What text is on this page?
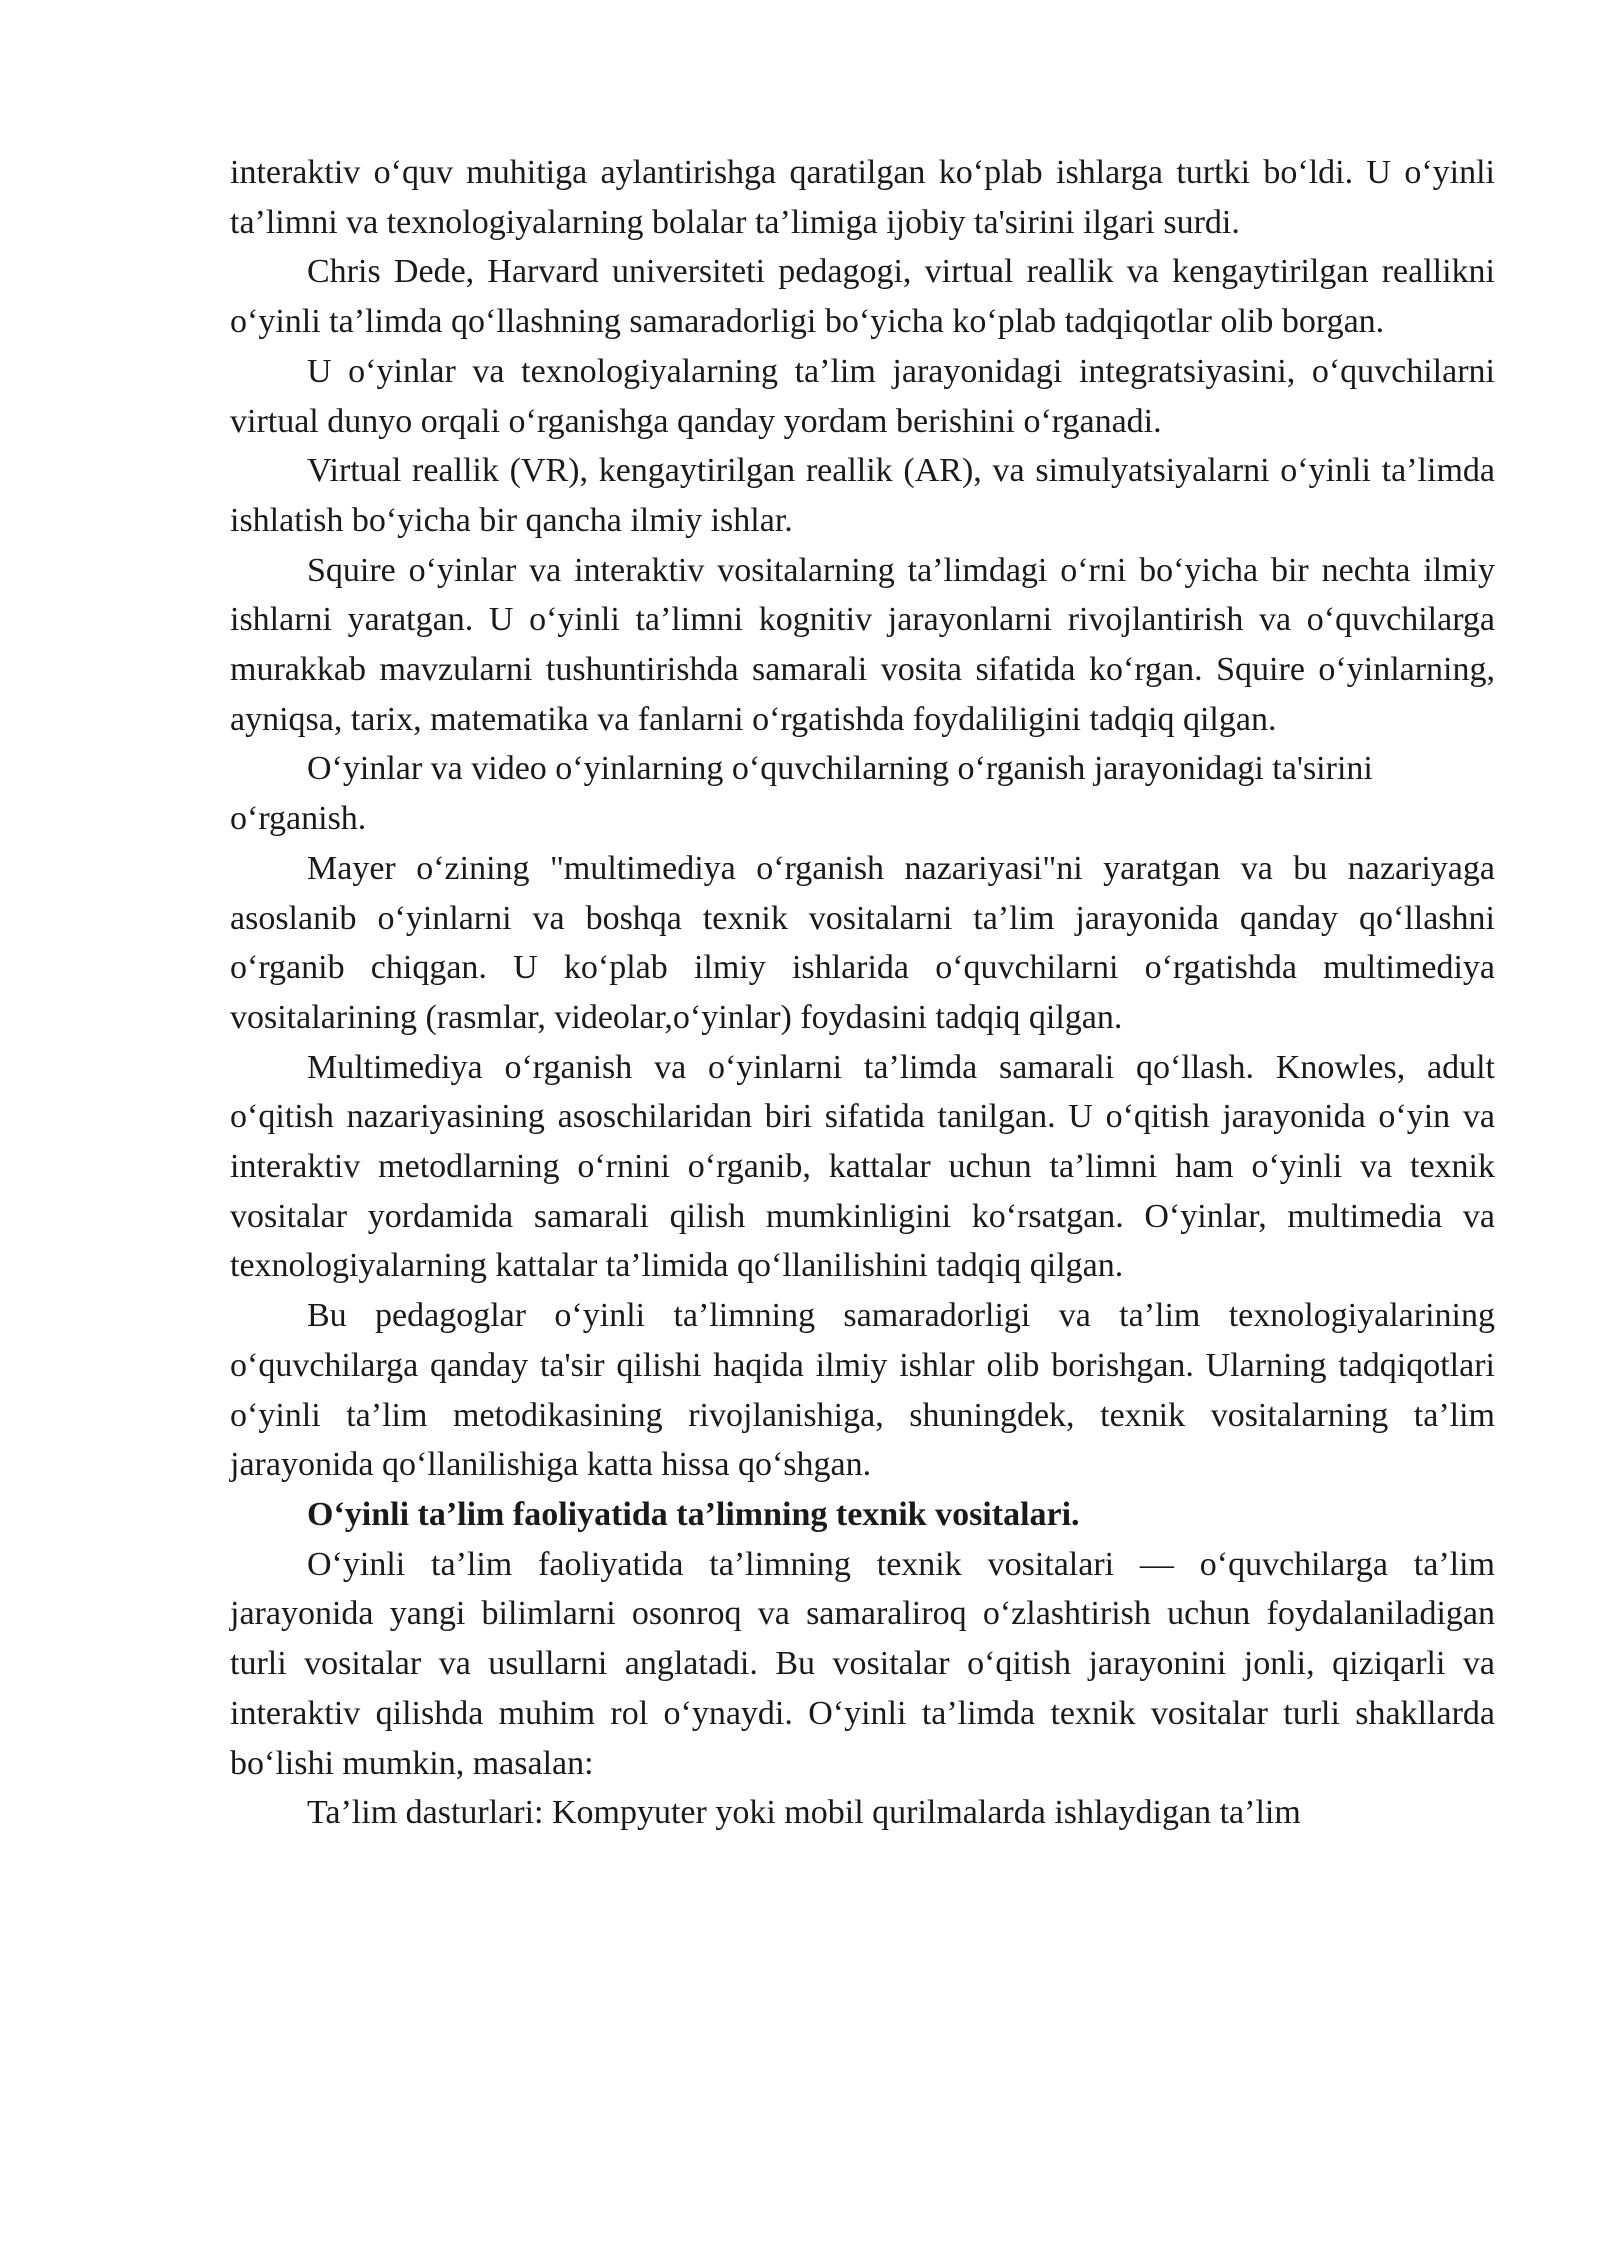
interaktiv o‘quv muhitiga aylantirishga qaratilgan ko‘plab ishlarga turtki bo‘ldi. U o‘yinli ta’limni va texnologiyalarning bolalar ta’limiga ijobiy ta'sirini ilgari surdi.

Chris Dede, Harvard universiteti pedagogi, virtual reallik va kengaytirilgan reallikni o‘yinli ta’limda qo‘llashning samaradorligi bo‘yicha ko‘plab tadqiqotlar olib borgan.

U o‘yinlar va texnologiyalarning ta’lim jarayonidagi integratsiyasini, o‘quvchilarni virtual dunyo orqali o‘rganishga qanday yordam berishini o‘rganadi.

Virtual reallik (VR), kengaytirilgan reallik (AR), va simulyatsiyalarni o‘yinli ta’limda ishlatish bo‘yicha bir qancha ilmiy ishlar.

Squire o‘yinlar va interaktiv vositalarning ta’limdagi o‘rni bo‘yicha bir nechta ilmiy ishlarni yaratgan. U o‘yinli ta’limni kognitiv jarayonlarni rivojlantirish va o‘quvchilarga murakkab mavzularni tushuntirishda samarali vosita sifatida ko‘rgan. Squire o‘yinlarning, ayniqsa, tarix, matematika va fanlarni o‘rgatishda foydaliligini tadqiq qilgan.

O‘yinlar va video o‘yinlarning o‘quvchilarning o‘rganish jarayonidagi ta'sirini o‘rganish.

Mayer o‘zining "multimediya o‘rganish nazariyasi"ni yaratgan va bu nazariyaga asoslanib o‘yinlarni va boshqa texnik vositalarni ta’lim jarayonida qanday qo‘llashni o‘rganib chiqgan. U ko‘plab ilmiy ishlarida o‘quvchilarni o‘rgatishda multimediya vositalarining (rasmlar, videolar,o‘yinlar) foydasini tadqiq qilgan.

Multimediya o‘rganish va o‘yinlarni ta’limda samarali qo‘llash. Knowles, adult o‘qitish nazariyasining asoschilaridan biri sifatida tanilgan. U o‘qitish jarayonida o‘yin va interaktiv metodlarning o‘rnini o‘rganib, kattalar uchun ta’limni ham o‘yinli va texnik vositalar yordamida samarali qilish mumkinligini ko‘rsatgan. O‘yinlar, multimedia va texnologiyalarning kattalar ta’limida qo‘llanilishini tadqiq qilgan.

Bu pedagoglar o‘yinli ta’limning samaradorligi va ta’lim texnologiyalarining o‘quvchilarga qanday ta'sir qilishi haqida ilmiy ishlar olib borishgan. Ularning tadqiqotlari o‘yinli ta’lim metodikasining rivojlanishiga, shuningdek, texnik vositalarning ta’lim jarayonida qo‘llanilishiga katta hissa qo‘shgan.

O‘yinli ta’lim faoliyatida ta’limning texnik vositalari.

O‘yinli ta’lim faoliyatida ta’limning texnik vositalari — o‘quvchilarga ta’lim jarayonida yangi bilimlarni osonroq va samaraliroq o‘zlashtirish uchun foydalaniladigan turli vositalar va usullarni anglatadi. Bu vositalar o‘qitish jarayonini jonli, qiziqarli va interaktiv qilishda muhim rol o‘ynaydi. O‘yinli ta’limda texnik vositalar turli shakllarda bo‘lishi mumkin, masalan:

Ta’lim dasturlari: Kompyuter yoki mobil qurilmalarda ishlaydigan ta’lim
